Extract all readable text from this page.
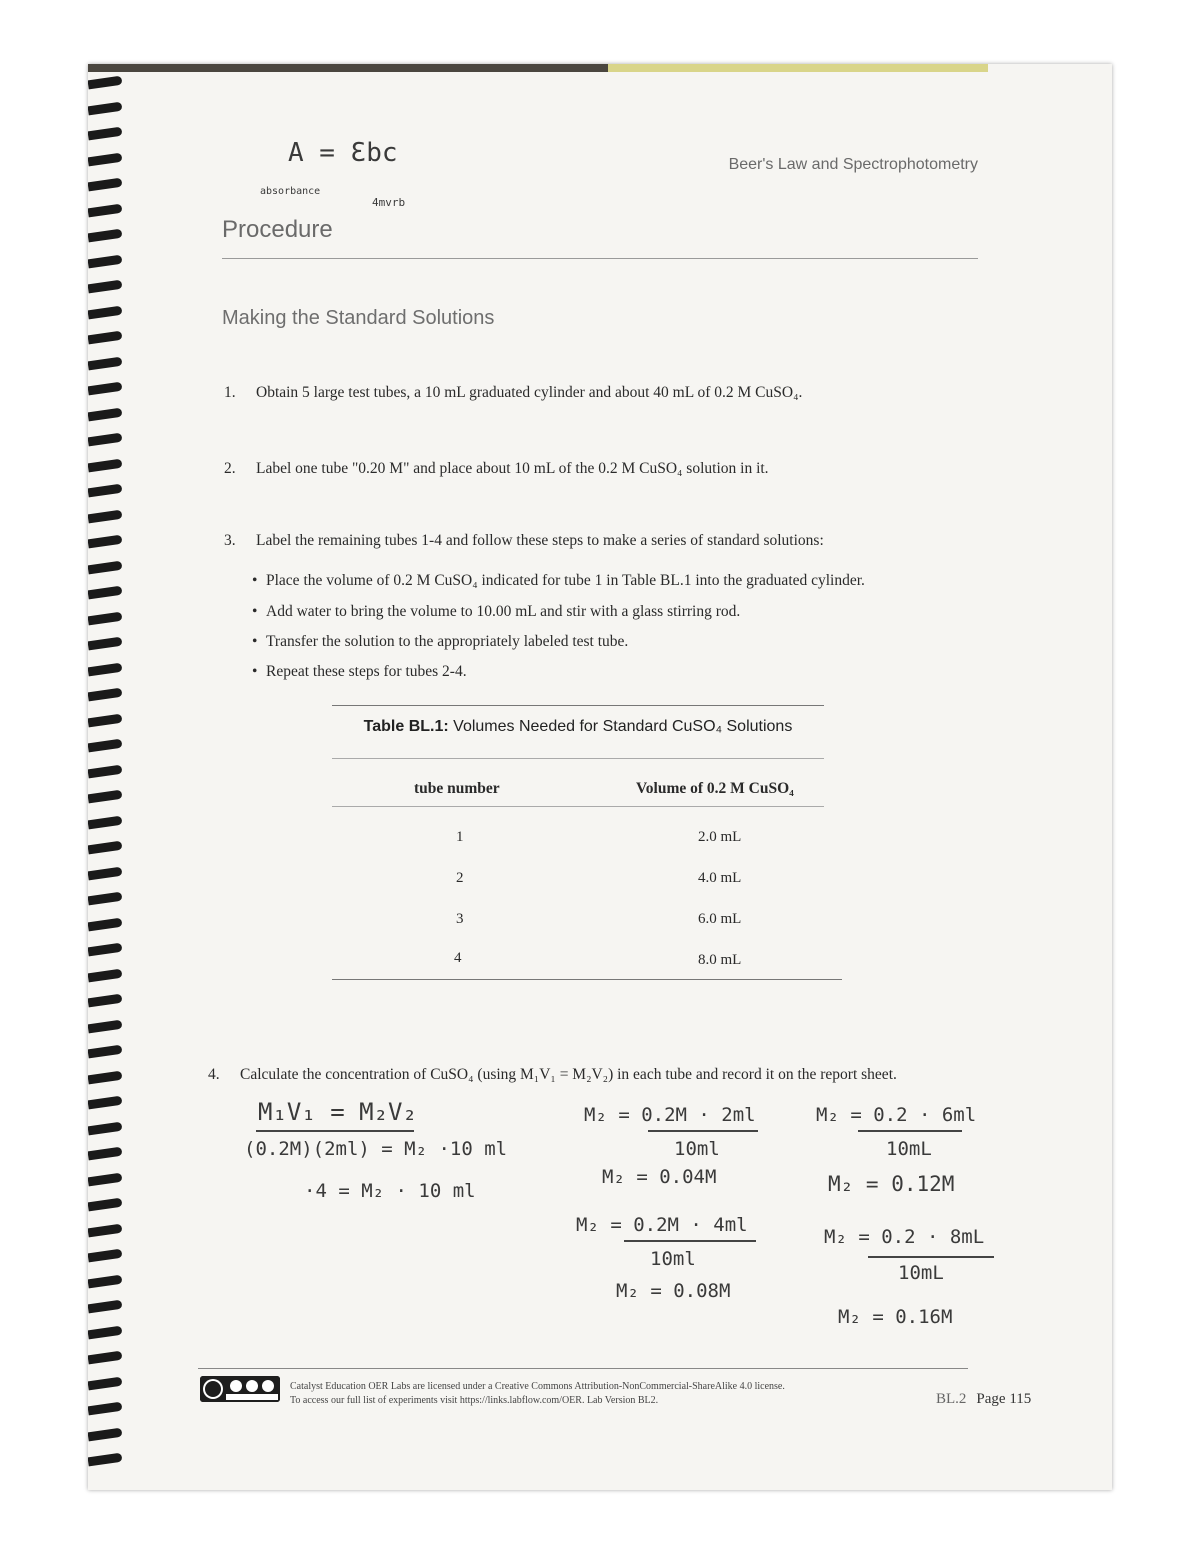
A = Ɛbc
absorbance
4mvrb
Beer's Law and Spectrophotometry
Procedure
Making the Standard Solutions
1. Obtain 5 large test tubes, a 10 mL graduated cylinder and about 40 mL of 0.2 M CuSO₄.
2. Label one tube "0.20 M" and place about 10 mL of the 0.2 M CuSO₄ solution in it.
3. Label the remaining tubes 1-4 and follow these steps to make a series of standard solutions:
• Place the volume of 0.2 M CuSO₄ indicated for tube 1 in Table BL.1 into the graduated cylinder.
• Add water to bring the volume to 10.00 mL and stir with a glass stirring rod.
• Transfer the solution to the appropriately labeled test tube.
• Repeat these steps for tubes 2-4.
Table BL.1: Volumes Needed for Standard CuSO₄ Solutions
tube number	Volume of 0.2 M CuSO₄
1	2.0 mL
2	4.0 mL
3	6.0 mL
4	8.0 mL
4. Calculate the concentration of CuSO₄ (using M₁V₁ = M₂V₂) in each tube and record it on the report sheet.
M₁V₁ = M₂V₂
(0.2M)(2ml) = M₂ ·10 ml
·4 = M₂ · 10 ml
M₂ = 0.2M · 2ml
10ml
M₂ = 0.04M
M₂ = 0.2M · 4ml
10ml
M₂ = 0.08M
M₂ = 0.2 · 6ml
10mL
M₂ = 0.12M
M₂ = 0.2 · 8mL
10mL
M₂ = 0.16M
Catalyst Education OER Labs are licensed under a Creative Commons Attribution-NonCommercial-ShareAlike 4.0 license.
To access our full list of experiments visit https://links.labflow.com/OER. Lab Version BL2.	BL.2 Page 115
